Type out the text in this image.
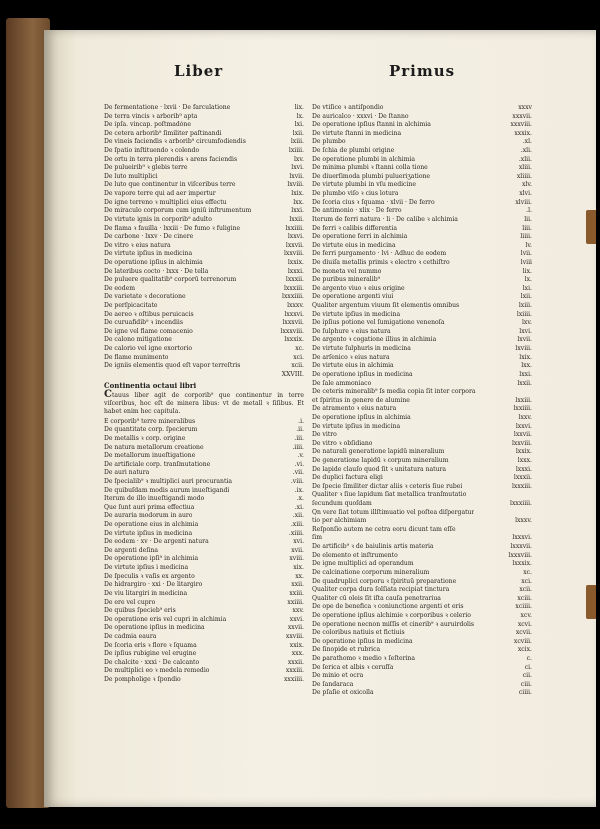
Liber	Primus
De fermentatione · lxvii · De farculatione	lix.
De terra vincis ꝛ arborib⁹ apta	lx.
De ipſa. vincap. poſtmadóne	lxi.
De cetera arborib⁹ ſimiliter paſtinandi	lxii.
De vineis faciendis ꝛ arborib⁹ circumfodiendis	lxiii.
De ſpatio inſtituendo ꝛ colendo	lxiiii.
De ortu in terra plerendis ꝛ arens faciendis	lxv.
De pulueirib⁹ ꝛ glebis terre	lxvi.
De luto multiplici	lxvii.
De luto que continentur in viſceribus terre	lxviii.
De vapore terre qui ad aer impertur	lxix.
De igne terreno ꝛ multiplici eius effectu	lxx.
De miraculo corporum cum igniū inſtrumentum	lxxi.
De virtute ignis in corporib⁹ adulto	lxxii.
De flama ꝛ fauilla · lxxiii · De fumo ꝛ fuligine	lxxiiii.
De carbone · lxxv · De cinere	lxxvi.
De vitro ꝛ eius natura	lxxvii.
De virtute ipſius in medicina	lxxviii.
De operatione ipſius in alchimia	lxxix.
De lateribus cocto · lxxx · De tella	lxxxi.
De puluere qualitatib⁹ corporū terrenorum	lxxxii.
De eodem	lxxxiii.
De varietate ꝛ decoratione	lxxxiiii.
De perſpicacitate	lxxxv.
De aereo ꝛ oſtibus peruicacis	lxxxvi.
De curuafidib⁹ ꝛ incendiis	lxxxvii.
De igne vel flame comacenio	lxxxviii.
De calono mitigatione	lxxxix.
De calorio vel igne exortorio	xc.
De flame munimento	xci.
De igniis elementis quod eſt vapor terreſtris	xcii.
XXVIII.
Continentia octaui libri
Ctauus liber agit de corporib⁹ que continentur in terre viſceribus, hoc eſt de minera libus: vt de metall ꝛ ſiſibus. Et habet enim hec capitula.
E corporib⁹ terre mineralibus	.i.
De quantitate corp. ſpecierum	.ii.
De metallis ꝛ corp. origine	.iii.
De natura metallorum creatione	.iiii.
De metallorum inueſtigatione	.v.
De artificiale corp. tranſmutatione	.vi.
De auri natura	.vii.
De ſpecialib⁹ ꝛ multiplici auri procurantia	.viii.
De quibuſdam modis aurum inueſtigandi	.ix.
Iterum de illo inueſtigandi modo	.x.
Que ſunt auri prima effectiua	.xi.
De auraria modorum in auro	.xii.
De operatione eius in alchimia	.xiii.
De virtute ipſius in medicina	.xiiii.
De eodem · xv · De argenti natura	xvi.
De argenti deſina	xvii.
De operatione ipſi⁹ in alchimia	xviii.
De virtute ipſius i medicina	xix.
De ſpeculis ꝛ vaſis ex argento	xx.
De hidrargiro · xxi · De litargiro	xxii.
De viu litargiri in medicina	xxiii.
De ere vel cupro	xxiiii.
De quibus ſpecieb⁹ eris	xxv.
De operatione eris vel cupri in alchimia	xxvi.
De operatione ipſius in medicina	xxvii.
De cadmia eaura	xxviii.
De ſcoria eris ꝛ flore ꝛ ſquama	xxix.
De ipſius rubigine vel eruginе	xxx.
De chalcite · xxxi · De calcanto	xxxii.
De multiplici eo ꝛ medela remedio	xxxiii.
De pompholige ꝛ ſpondio	xxxiiii.
De vtiſice ꝛ antiſpondio	xxxv
De auricalco · xxxvi · De ſtanno	xxxvii.
De operatione ipſius ſtanni in alchimia	xxxviii.
De virtute ſtanni in medicina	xxxix.
De plumbo	.xl.
De ſchia de plumbi origine	.xli.
De operatione plumbi in alchimia	.xlii.
De minima plumbi ꝛ ſtanni colla tione	xliii.
De diuerſimoda plumbi pulueriʒatione	xliiii.
De virtute plumbi in vſu medicine	xlv.
De plumbo viſo ꝛ cius lotura	xlvi.
De ſcoria cius ꝛ ſquama · xlvii · De ferro	xlviii.
De antimonio · xlix · De ferro	.l.
Iterum de ferri natura · li · De calibe ꝛ alchimia	lii.
De ferri ꝛ calibis differentia	liii.
De operatione ferri in alchimia	liiii.
De virtute eius in medicina	lv.
De ferri purgamento · lvi · Adhuc de eodem	lvii.
De diuiſa metallis primis ꝛ electro ꝛ cethiſtro	lviii
De moneta vel nummo	lix.
De puribus mineralib⁹	lx.
De argento viuo ꝛ eius origine	lxi.
De operatione argenti viui	lxii.
Qualiter argentum viuum ſit elementis omnibus	lxiii.
De virtute ipſius in medicina	lxiiii.
De ipſius potione vel ſumigatione venenoſa	lxv.
De ſulphure ꝛ eius natura	lxvi.
De argento ꝛ cogatione illius in alchimia	lxvii.
De virtute ſulphuris in medicina	lxviii.
De arſenico ꝛ eius natura	lxix.
De virtute eius in alchimia	lxx.
De operatione ipſius in medicina	lxxi.
De ſale ammoniaco	lxxii.
De ceteris mineralib⁹ ſs media copia ſit inter corpora
et ſpiritus in genere de alumine	lxxiii.
De atramento ꝛ eius natura	lxxiiii.
De operatione ipſius in alchimia	lxxv.
De virtute ipſius in medicina	lxxvi.
De vitro	lxxvii.
De vitro ꝛ obſidiano	lxxviii.
De naturali generatione lapidū mineralium	lxxix.
De generatione lapidū ꝛ corpum mineralium	lxxx.
De lapide clauſo quod ſit ꝛ unitatura natura	lxxxi.
De duplici factura eligi	lxxxii.
De ſpecie ſimiliter dictar aliis ꝛ ceteris ſiue rubei	lxxxiii.
Qualiter ꝛ ſiue lapidum ſiat metallica tranſmutatio
ſecundum quoſdam	lxxxiiii.
Qn vere ſiat totum illſtimuatio vel poſtea diſpergatur
tio per alchimiam	lxxxv.
Reſponſio autem ne cetra eoru dicunt tam eſſe
ſim	lxxxvi.
De artificib⁹ ꝛ de baiulinis artis materia	lxxxvii.
De elemento et inſtrumento	lxxxviii.
De igne multiplici ad operandum	lxxxix.
De calcinatione corporum mineralium	xc.
De quadruplici corporu ꝛ ſpirituū preparatione	xci.
Qualiter corpa dura ſolſiata recipiat tinctura	xcii.
Qualiter cū oleis ſit iſta cauſa penetrariua	xciii.
De ope de benefica ꝛ coniunctione argenti et eris	xciiii.
De operatione ipſius alchimie ꝛ corporibus ꝛ celerio	xcv.
De operatione necnon miſſis et cinerib⁹ ꝛ auruirdolis	xcvi.
De coloribus natiuis et fictiuis	xcvii.
De operatione ipſius in medicina	xcviii.
De ſinopide et rubrica	xcix.
De ꝑarathomo ꝛ medio ꝛ ſeſterina	c.
De ſerica et albis ꝛ ceruſſa	ci.
De minio et ocra	cii.
De ſandaraca	ciii.
De pſaſie et oxicolla	ciiii.
